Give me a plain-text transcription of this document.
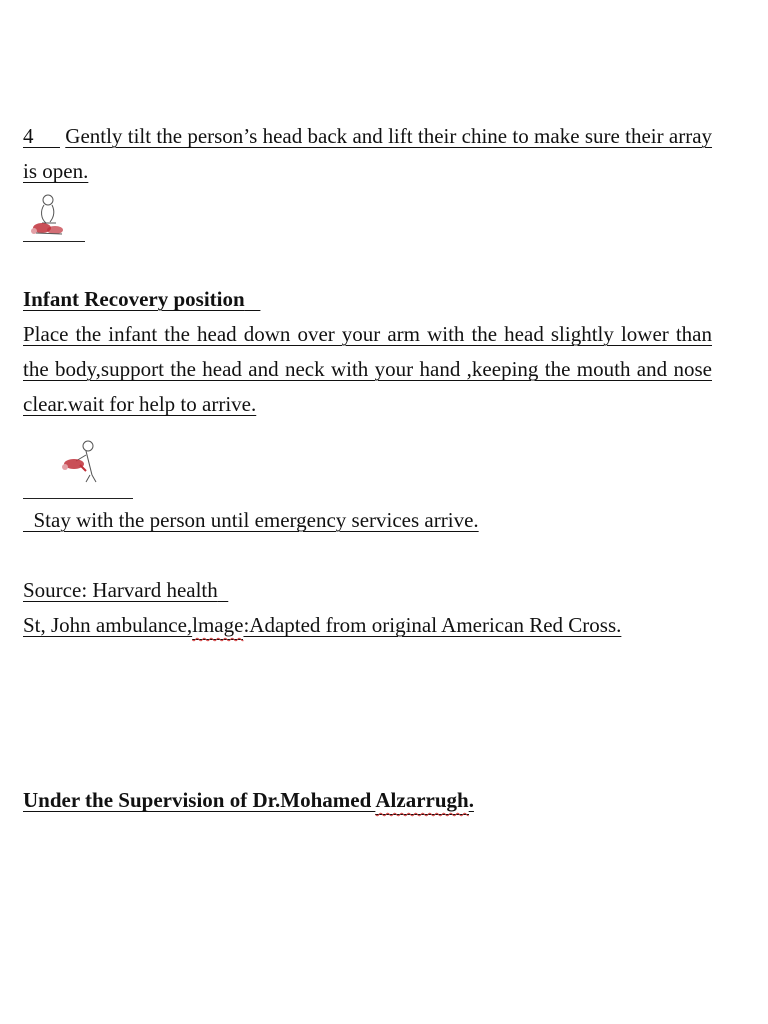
4 Gently tilt the person’s head back and lift their chine to make sure their array is open.
Infant Recovery position
Place the infant the head down over your arm with the head slightly lower than the body,support the head and neck with your hand ,keeping the mouth and nose clear.wait for help to arrive.
Stay with the person until emergency services arrive.
Source: Harvard health
St, John ambulance,lmage:Adapted from original American Red Cross.
Under the Supervision of Dr.Mohamed Alzarrugh.
